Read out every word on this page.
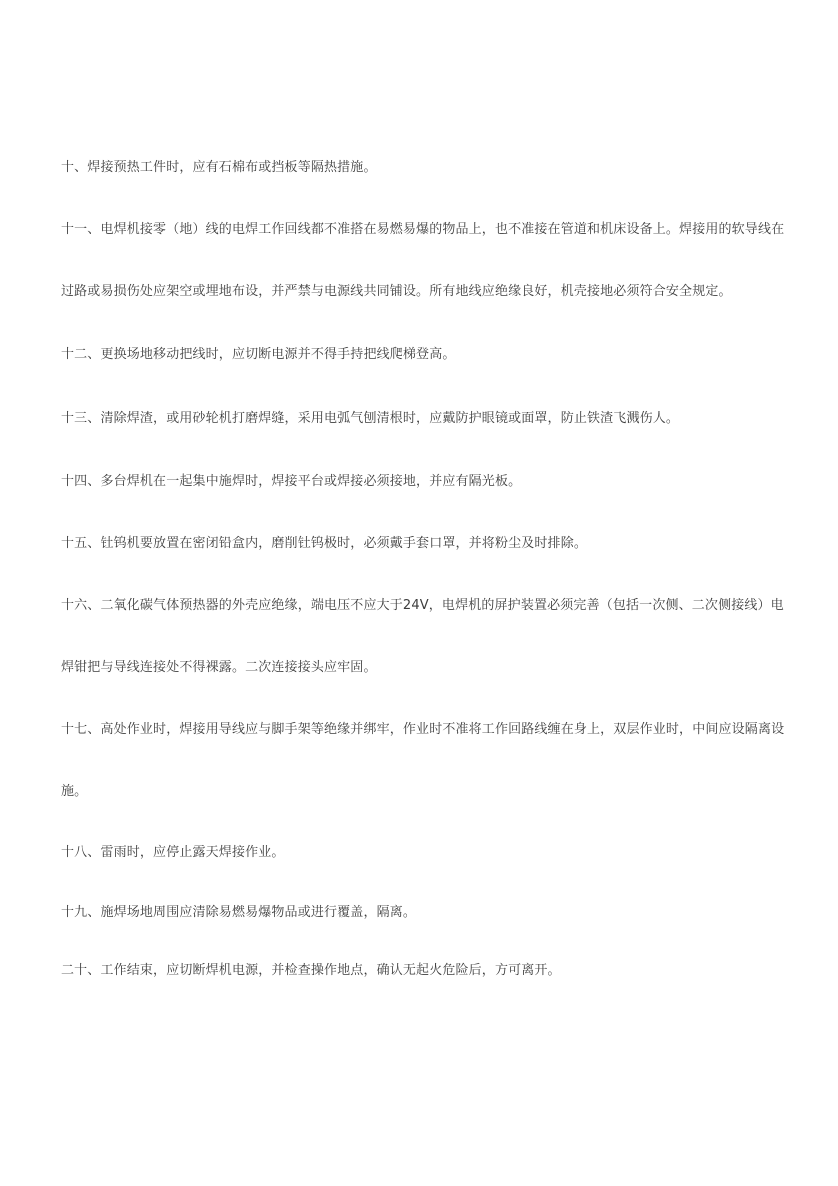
十、焊接预热工件时，应有石棉布或挡板等隔热措施。
十一、电焊机接零（地）线的电焊工作回线都不准搭在易燃易爆的物品上，也不准接在管道和机床设备上。焊接用的软导线在
过路或易损伤处应架空或埋地布设，并严禁与电源线共同铺设。所有地线应绝缘良好，机壳接地必须符合安全规定。
十二、更换场地移动把线时，应切断电源并不得手持把线爬梯登高。
十三、清除焊渣，或用砂轮机打磨焊缝，采用电弧气刨清根时，应戴防护眼镜或面罩，防止铁渣飞溅伤人。
十四、多台焊机在一起集中施焊时，焊接平台或焊接必须接地，并应有隔光板。
十五、钍钨机要放置在密闭铅盒内，磨削钍钨极时，必须戴手套口罩，并将粉尘及时排除。
十六、二氧化碳气体预热器的外壳应绝缘，端电压不应大于24V，电焊机的屏护装置必须完善（包括一次侧、二次侧接线）电
焊钳把与导线连接处不得裸露。二次连接接头应牢固。
十七、高处作业时，焊接用导线应与脚手架等绝缘并绑牢，作业时不准将工作回路线缠在身上，双层作业时，中间应设隔离设
施。
十八、雷雨时，应停止露天焊接作业。
十九、施焊场地周围应清除易燃易爆物品或进行覆盖，隔离。
二十、工作结束，应切断焊机电源，并检查操作地点，确认无起火危险后，方可离开。
